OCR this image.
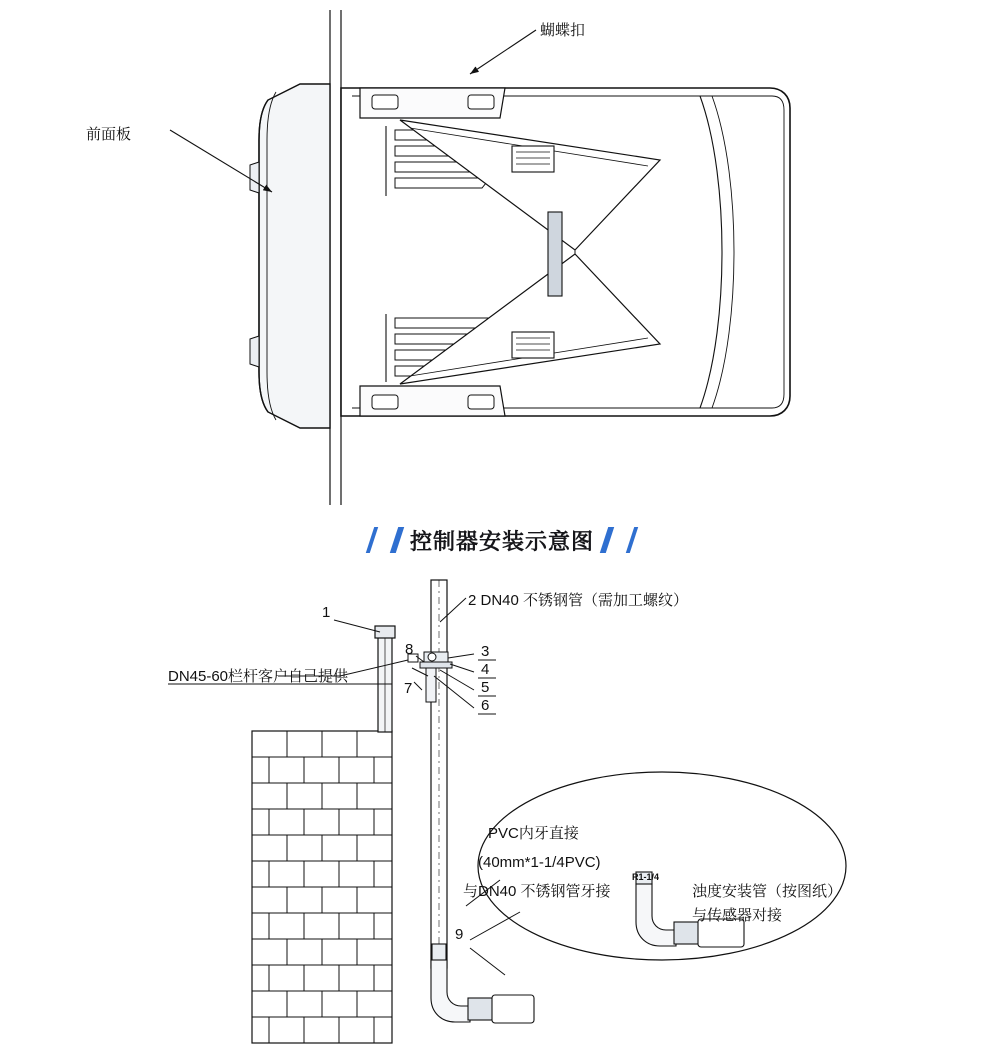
蝴蝶扣
前面板
控制器安装示意图
2 DN40 不锈钢管（需加工螺纹）
DN45-60栏杆客户自己提供
1
8
7
3
4
5
6
9
PVC内牙直接
(40mm*1-1/4PVC)
与DN40 不锈钢管牙接	浊度安装管（按图纸）
与传感器对接
R1-1/4
